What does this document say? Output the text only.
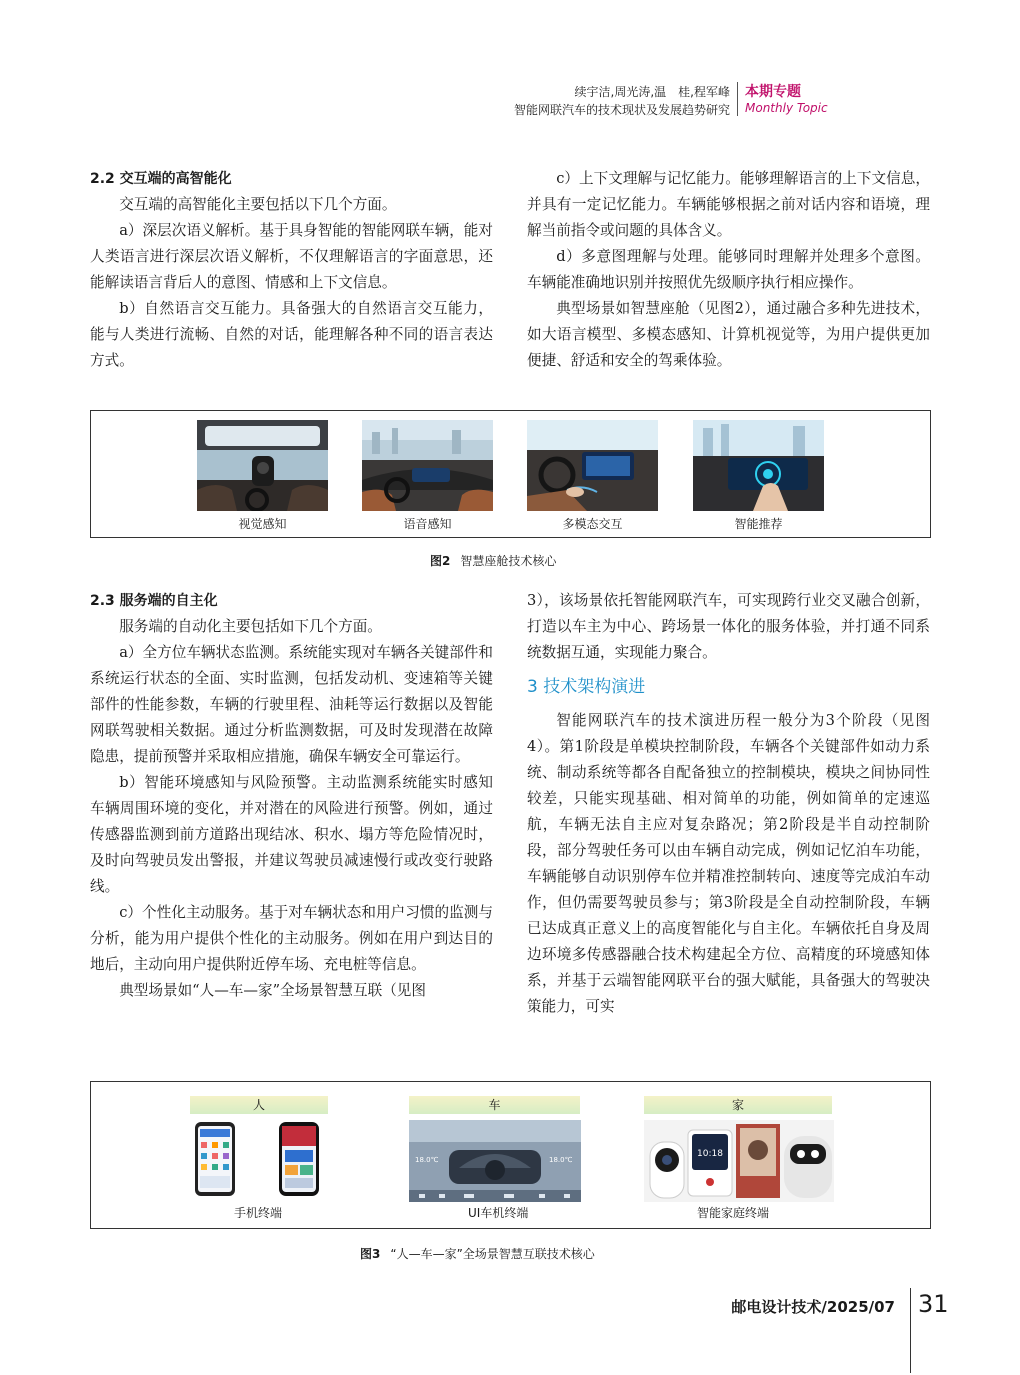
续宇洁,周光涛,温　桂,程军峰
智能网联汽车的技术现状及发展趋势研究
本期专题
Monthly Topic
2.2 交互端的高智能化

交互端的高智能化主要包括以下几个方面。

a）深层次语义解析。基于具身智能的智能网联车辆，能对人类语言进行深层次语义解析，不仅理解语言的字面意思，还能解读语言背后人的意图、情感和上下文信息。

b）自然语言交互能力。具备强大的自然语言交互能力，能与人类进行流畅、自然的对话，能理解各种不同的语言表达方式。

c）上下文理解与记忆能力。能够理解语言的上下文信息，并具有一定记忆能力。车辆能够根据之前对话内容和语境，理解当前指令或问题的具体含义。

d）多意图理解与处理。能够同时理解并处理多个意图。车辆能准确地识别并按照优先级顺序执行相应操作。

典型场景如智慧座舱（见图2），通过融合多种先进技术，如大语言模型、多模态感知、计算机视觉等，为用户提供更加便捷、舒适和安全的驾乘体验。

视觉感知	语音感知	多模态交互	智能推荐
图2 智慧座舱技术核心
2.3 服务端的自主化

服务端的自动化主要包括如下几个方面。

a）全方位车辆状态监测。系统能实现对车辆各关键部件和系统运行状态的全面、实时监测，包括发动机、变速箱等关键部件的性能参数，车辆的行驶里程、油耗等运行数据以及智能网联驾驶相关数据。通过分析监测数据，可及时发现潜在故障隐患，提前预警并采取相应措施，确保车辆安全可靠运行。

b）智能环境感知与风险预警。主动监测系统能实时感知车辆周围环境的变化，并对潜在的风险进行预警。例如，通过传感器监测到前方道路出现结冰、积水、塌方等危险情况时，及时向驾驶员发出警报，并建议驾驶员减速慢行或改变行驶路线。

c）个性化主动服务。基于对车辆状态和用户习惯的监测与分析，能为用户提供个性化的主动服务。例如在用户到达目的地后，主动向用户提供附近停车场、充电桩等信息。

典型场景如“人—车—家”全场景智慧互联（见图

3），该场景依托智能网联汽车，可实现跨行业交叉融合创新，打造以车主为中心、跨场景一体化的服务体验，并打通不同系统数据互通，实现能力聚合。

3 技术架构演进

智能网联汽车的技术演进历程一般分为3个阶段（见图4）。第1阶段是单模块控制阶段，车辆各个关键部件如动力系统、制动系统等都各自配备独立的控制模块，模块之间协同性较差，只能实现基础、相对简单的功能，例如简单的定速巡航，车辆无法自主应对复杂路况；第2阶段是半自动控制阶段，部分驾驶任务可以由车辆自动完成，例如记忆泊车功能，车辆能够自动识别停车位并精准控制转向、速度等完成泊车动作，但仍需要驾驶员参与；第3阶段是全自动控制阶段，车辆已达成真正意义上的高度智能化与自主化。车辆依托自身及周边环境多传感器融合技术构建起全方位、高精度的环境感知体系，并基于云端智能网联平台的强大赋能，具备强大的驾驶决策能力，可实

人	车	家
18.0℃	18.0℃
10:18
手机终端	UI车机终端	智能家庭终端
图3 “人—车—家”全场景智慧互联技术核心
邮电设计技术/2025/07 31
